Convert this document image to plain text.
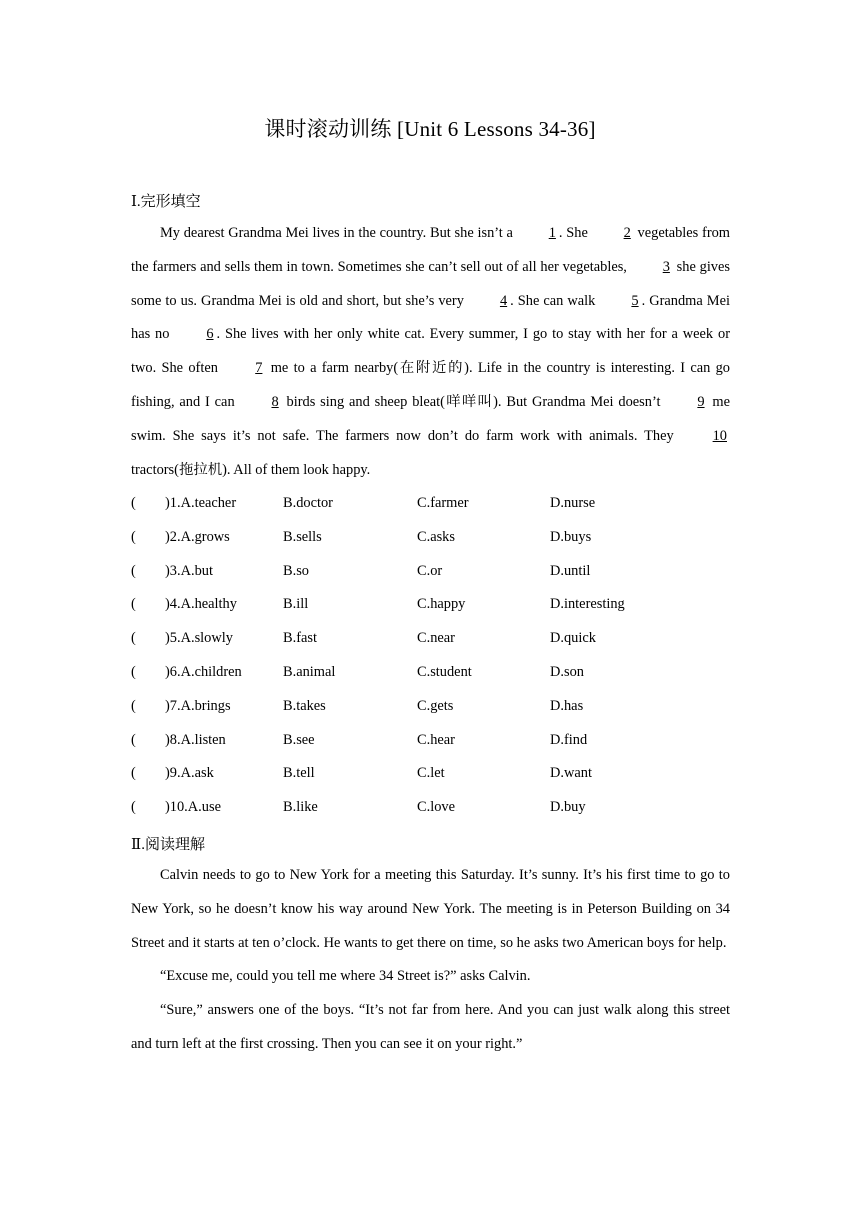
课时滚动训练 [Unit 6 Lessons 34-36]
Ⅰ.完形填空

My dearest Grandma Mei lives in the country. But she isn’t a 1 . She 2 vegetables from the farmers and sells them in town. Sometimes she can’t sell out of all her vegetables, 3 she gives some to us. Grandma Mei is old and short, but she’s very 4 . She can walk 5 . Grandma Mei has no 6 . She lives with her only white cat. Every summer, I go to stay with her for a week or two. She often 7 me to a farm nearby(在附近的). Life in the country is interesting. I can go fishing, and I can 8 birds sing and sheep bleat(咩咩叫). But Grandma Mei doesn’t 9 me swim. She says it’s not safe. The farmers now don’t do farm work with animals. They 10 tractors(拖拉机). All of them look happy.

( )1.A.teacher	B.doctor	C.farmer	D.nurse
( )2.A.grows	B.sells	C.asks	D.buys
( )3.A.but	B.so	C.or	D.until
( )4.A.healthy	B.ill	C.happy	D.interesting
( )5.A.slowly	B.fast	C.near	D.quick
( )6.A.children	B.animal	C.student	D.son
( )7.A.brings	B.takes	C.gets	D.has
( )8.A.listen	B.see	C.hear	D.find
( )9.A.ask	B.tell	C.let	D.want
( )10.A.use	B.like	C.love	D.buy
Ⅱ.阅读理解

Calvin needs to go to New York for a meeting this Saturday. It’s sunny. It’s his first time to go to New York, so he doesn’t know his way around New York. The meeting is in Peterson Building on 34 Street and it starts at ten o’clock. He wants to get there on time, so he asks two American boys for help.

“Excuse me, could you tell me where 34 Street is?” asks Calvin.

“Sure,” answers one of the boys. “It’s not far from here. And you can just walk along this street and turn left at the first crossing. Then you can see it on your right.”
